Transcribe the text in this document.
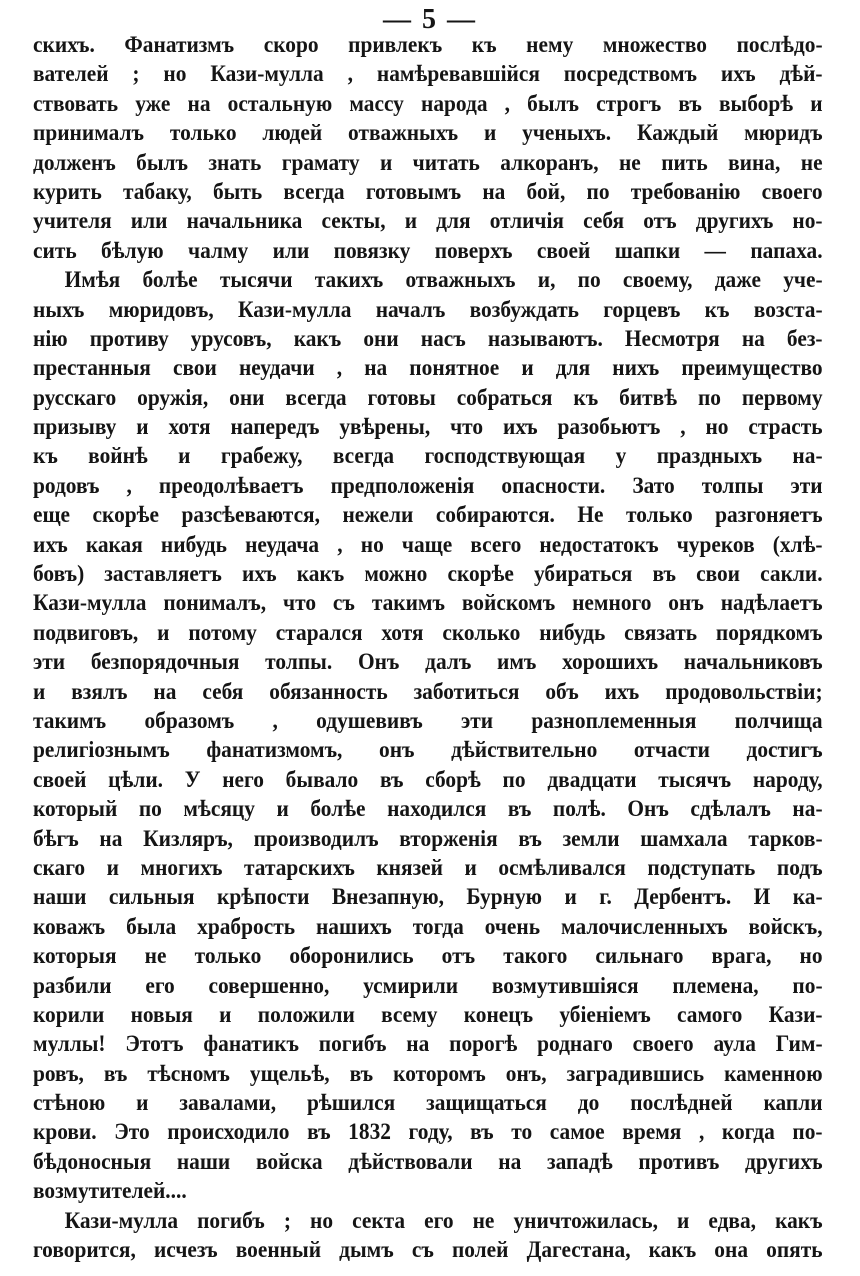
— 5 —
скихъ. Фанатизмъ скоро привлекъ къ нему множество послѣдо-
вателей ; но Кази-мулла , намѣревавшійся посредствомъ ихъ дѣй-
ствовать уже на остальную массу народа , былъ строгъ въ выборѣ и
принималъ только людей отважныхъ и ученыхъ. Каждый мюридъ
долженъ былъ знать грамату и читать алкоранъ, не пить вина, не
курить табаку, быть всегда готовымъ на бой, по требованію своего
учителя или начальника секты, и для отличія себя отъ другихъ но-
сить бѣлую чалму или повязку поверхъ своей шапки — папаха.
Имѣя болѣе тысячи такихъ отважныхъ и, по своему, даже уче-
ныхъ мюридовъ, Кази-мулла началъ возбуждать горцевъ къ возста-
нію противу урусовъ, какъ они насъ называютъ. Несмотря на без-
престанныя свои неудачи , на понятное и для нихъ преимущество
русскаго оружія, они всегда готовы собраться къ битвѣ по первому
призыву и хотя напередъ увѣрены, что ихъ разобьютъ , но страсть
къ войнѣ и грабежу, всегда господствующая у праздныхъ на-
родовъ , преодолѣваетъ предположенія опасности. Зато толпы эти
еще скорѣе разсѣеваются, нежели собираются. Не только разгоняетъ
ихъ какая нибудь неудача , но чаще всего недостатокъ чуреков (хлѣ-
бовъ) заставляетъ ихъ какъ можно скорѣе убираться въ свои сакли.
Кази-мулла понималъ, что съ такимъ войскомъ немного онъ надѣлаетъ
подвиговъ, и потому старался хотя сколько нибудь связать порядкомъ
эти безпорядочныя толпы. Онъ далъ имъ хорошихъ начальниковъ
и взялъ на себя обязанность заботиться объ ихъ продовольствіи;
такимъ образомъ , одушевивъ эти разноплеменныя полчища
религіознымъ фанатизмомъ, онъ дѣйствительно отчасти достигъ
своей цѣли. У него бывало въ сборѣ по двадцати тысячъ народу,
который по мѣсяцу и болѣе находился въ полѣ. Онъ сдѣлалъ на-
бѣгъ на Кизляръ, производилъ вторженія въ земли шамхала тарков-
скаго и многихъ татарскихъ князей и осмѣливался подступать подъ
наши сильныя крѣпости Внезапную, Бурную и г. Дербентъ. И ка-
коважъ была храбрость нашихъ тогда очень малочисленныхъ войскъ,
которыя не только оборонились отъ такого сильнаго врага, но
разбили его совершенно, усмирили возмутившіяся племена, по-
корили новыя и положили всему конецъ убіеніемъ самого Кази-
муллы! Этотъ фанатикъ погибъ на порогѣ роднаго своего аула Гим-
ровъ, въ тѣсномъ ущельѣ, въ которомъ онъ, заградившись каменною
стѣною и завалами, рѣшился защищаться до послѣдней капли
крови. Это происходило въ 1832 году, въ то самое время , когда по-
бѣдоносныя наши войска дѣйствовали на западѣ противъ другихъ
возмутителей....
Кази-мулла погибъ ; но секта его не уничтожилась, и едва, какъ
говорится, исчезъ военный дымъ съ полей Дагестана, какъ она опять
